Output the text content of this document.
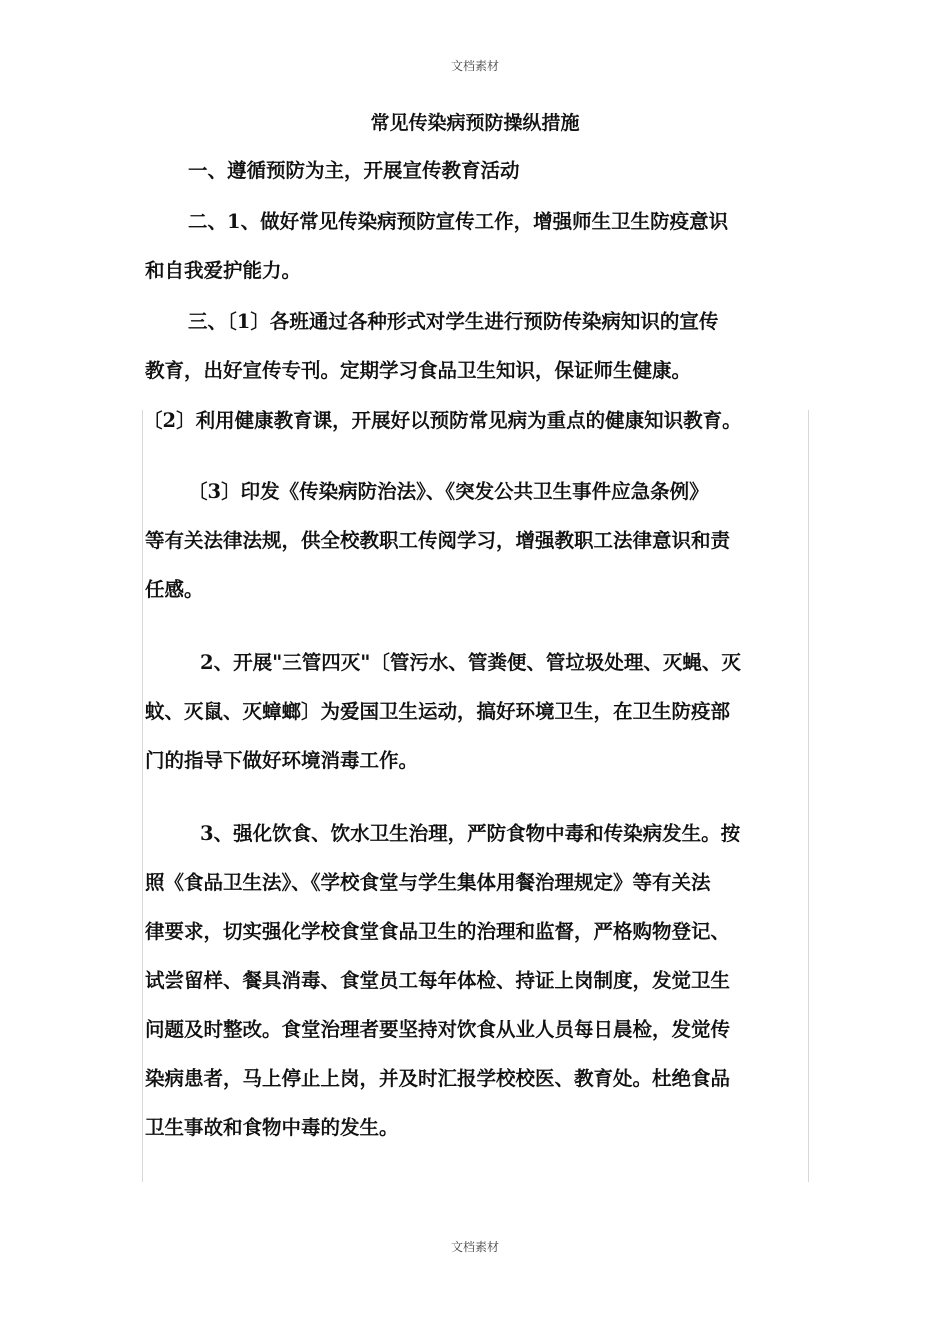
文档素材
常见传染病预防操纵措施
一、遵循预防为主，开展宣传教育活动
二、1、做好常见传染病预防宣传工作，增强师生卫生防疫意识
和自我爱护能力。
三、〔1〕各班通过各种形式对学生进行预防传染病知识的宣传
教育，出好宣传专刊。定期学习食品卫生知识，保证师生健康。
〔2〕利用健康教育课，开展好以预防常见病为重点的健康知识教育。
〔3〕印发《传染病防治法》、《突发公共卫生事件应急条例》
等有关法律法规，供全校教职工传阅学习，增强教职工法律意识和责
任感。
2、开展"三管四灭"〔管污水、管粪便、管垃圾处理、灭蝇、灭
蚊、灭鼠、灭蟑螂〕为爱国卫生运动，搞好环境卫生，在卫生防疫部
门的指导下做好环境消毒工作。
3、强化饮食、饮水卫生治理，严防食物中毒和传染病发生。按
照《食品卫生法》、《学校食堂与学生集体用餐治理规定》等有关法
律要求，切实强化学校食堂食品卫生的治理和监督，严格购物登记、
试尝留样、餐具消毒、食堂员工每年体检、持证上岗制度，发觉卫生
问题及时整改。食堂治理者要坚持对饮食从业人员每日晨检，发觉传
染病患者，马上停止上岗，并及时汇报学校校医、教育处。杜绝食品
卫生事故和食物中毒的发生。
文档素材
